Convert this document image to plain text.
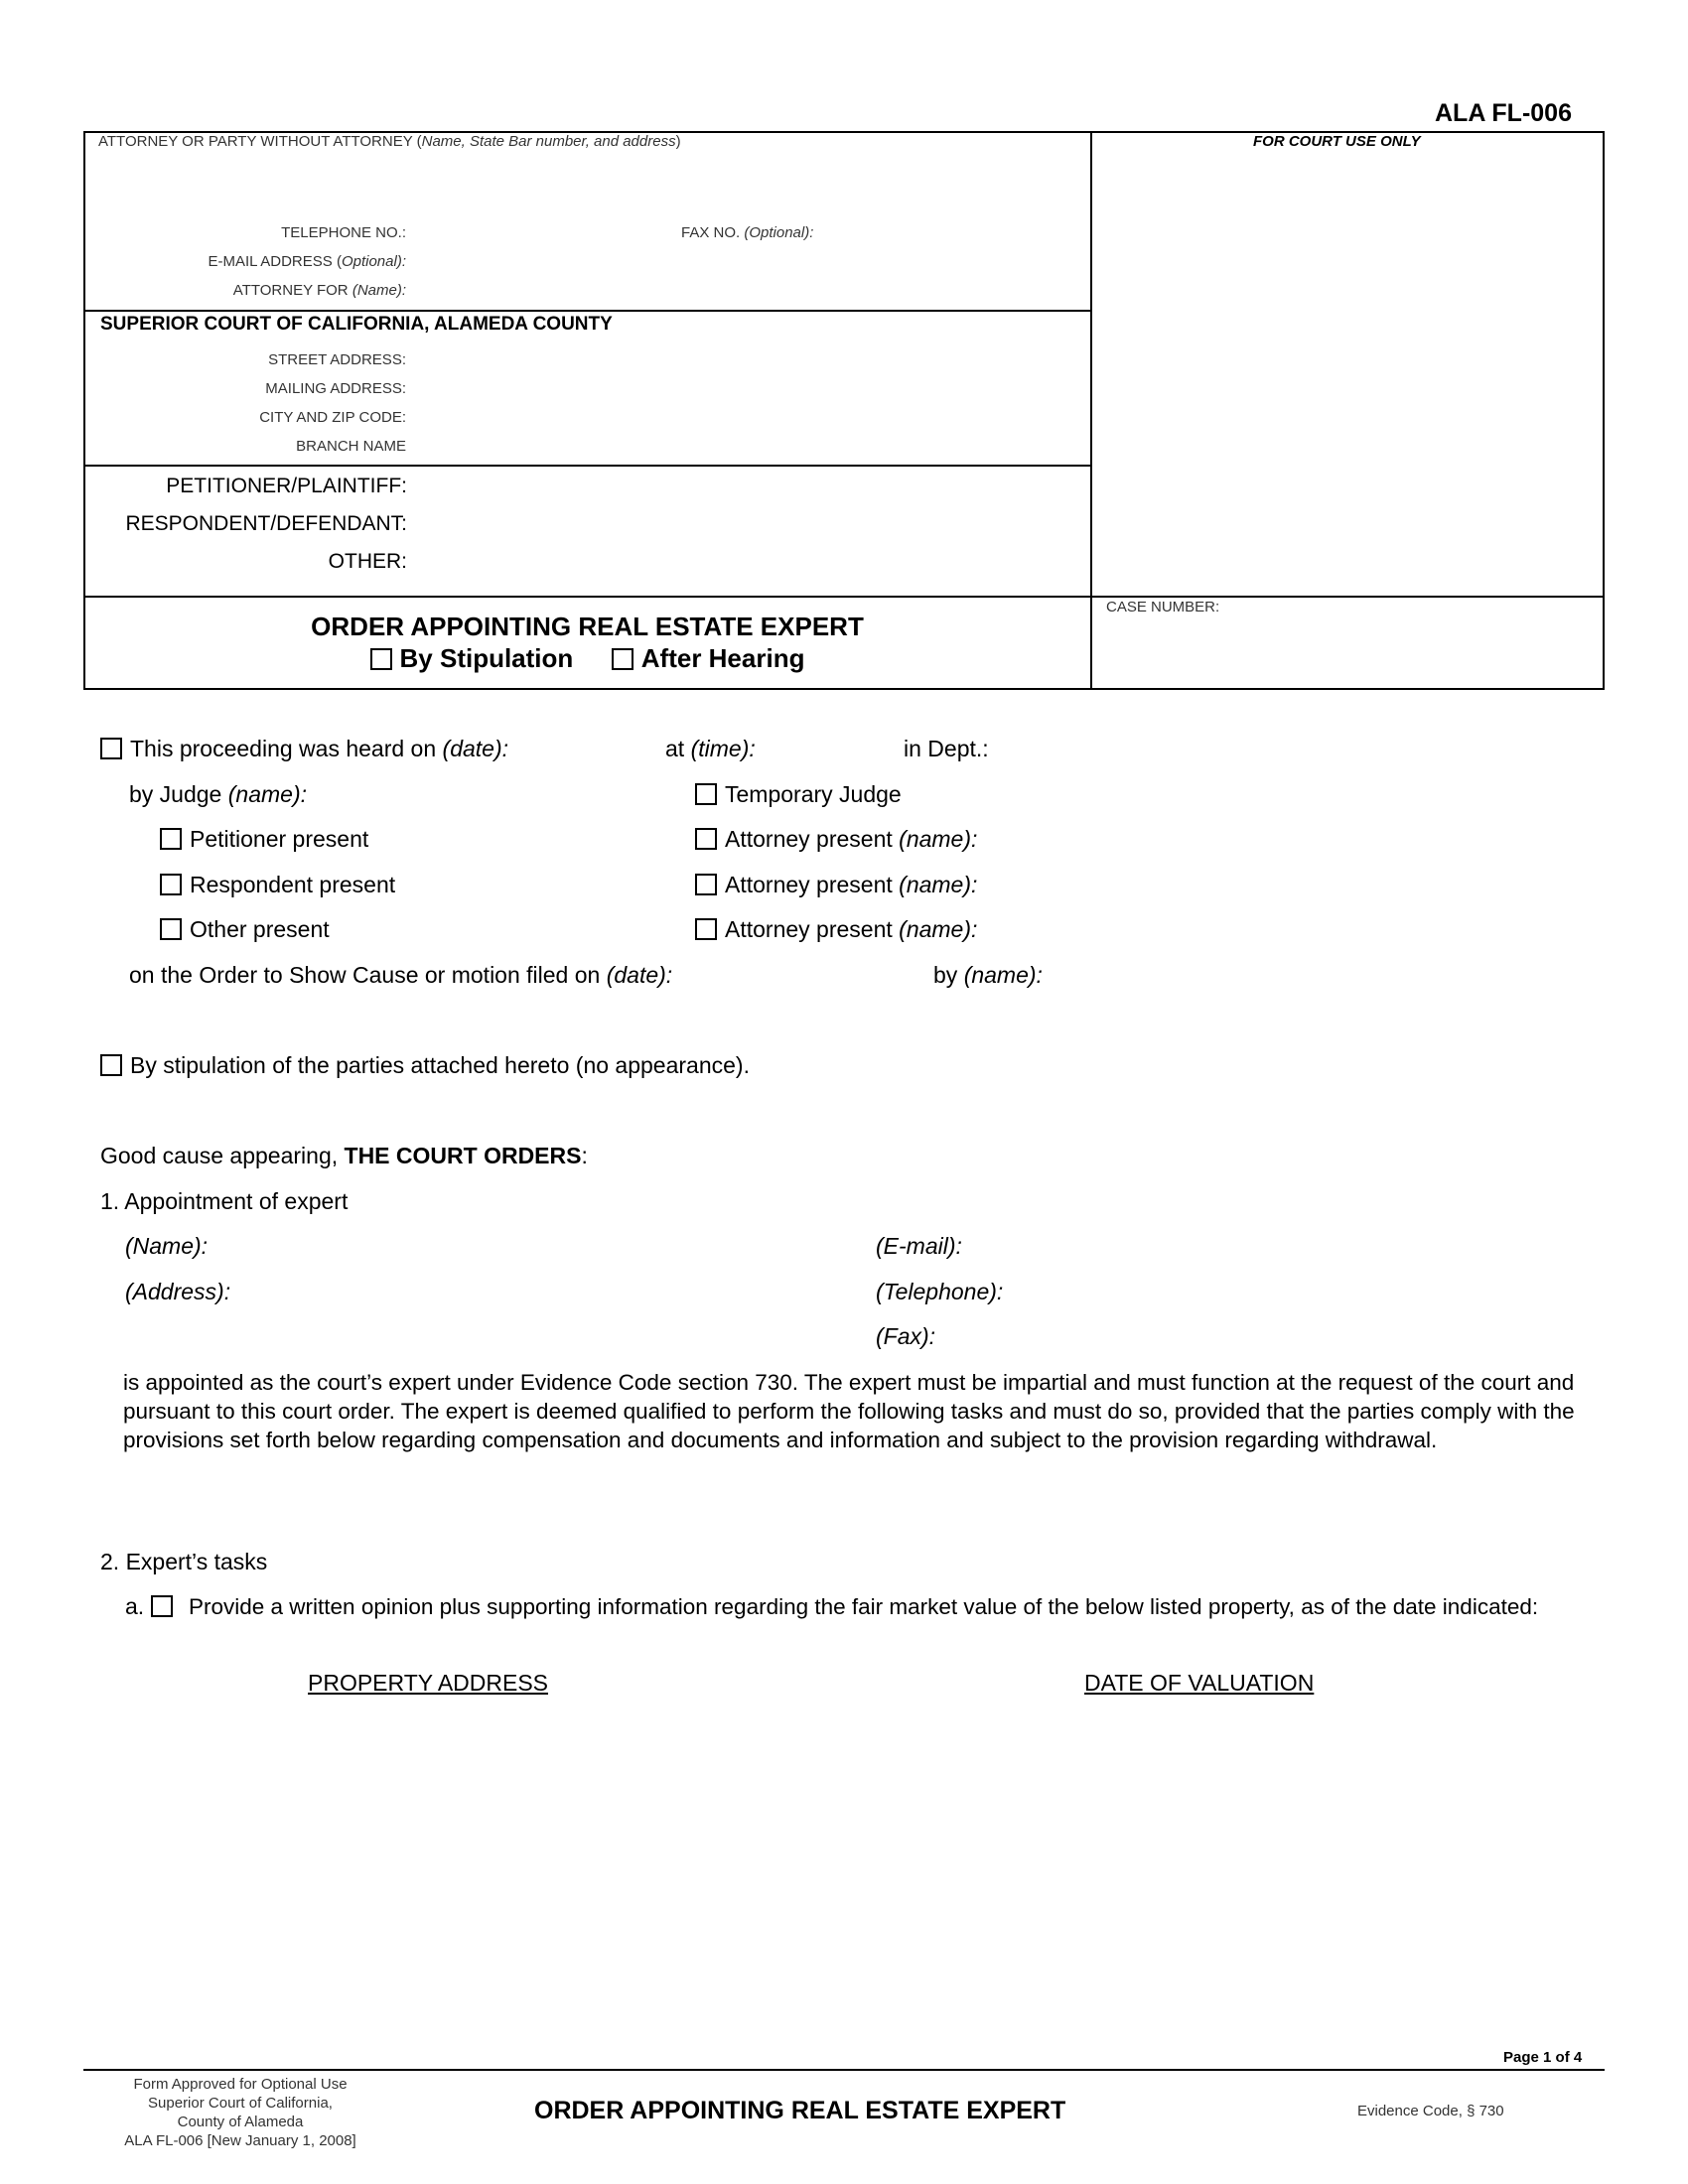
ALA FL-006
ATTORNEY OR PARTY WITHOUT ATTORNEY (Name, State Bar number, and address)	FOR COURT USE ONLY
TELEPHONE NO.:	FAX NO. (Optional):
E-MAIL ADDRESS (Optional):
ATTORNEY FOR (Name):
SUPERIOR COURT OF CALIFORNIA, ALAMEDA COUNTY
STREET ADDRESS:
MAILING ADDRESS:
CITY AND ZIP CODE:
BRANCH NAME
PETITIONER/PLAINTIFF:
RESPONDENT/DEFENDANT:
OTHER:
CASE NUMBER:
ORDER APPOINTING REAL ESTATE EXPERT
By Stipulation	After Hearing
This proceeding was heard on (date):	at (time):	in Dept.:
by Judge (name):	Temporary Judge
Petitioner present	Attorney present (name):
Respondent present	Attorney present (name):
Other present	Attorney present (name):
on the Order to Show Cause or motion filed on (date):	by (name):
By stipulation of the parties attached hereto (no appearance).
Good cause appearing, THE COURT ORDERS:
1. Appointment of expert
(Name):	(E-mail):
(Address):	(Telephone):
(Fax):
is appointed as the court’s expert under Evidence Code section 730. The expert must be impartial and must function at the request of the court and pursuant to this court order. The expert is deemed qualified to perform the following tasks and must do so, provided that the parties comply with the provisions set forth below regarding compensation and documents and information and subject to the provision regarding withdrawal.
2. Expert’s tasks
a.	Provide a written opinion plus supporting information regarding the fair market value of the below listed property, as of the date indicated:
PROPERTY ADDRESS	DATE OF VALUATION
Page 1 of 4
Form Approved for Optional Use
Superior Court of California,
County of Alameda
ALA FL-006 [New January 1, 2008]
ORDER APPOINTING REAL ESTATE EXPERT	Evidence Code, § 730
